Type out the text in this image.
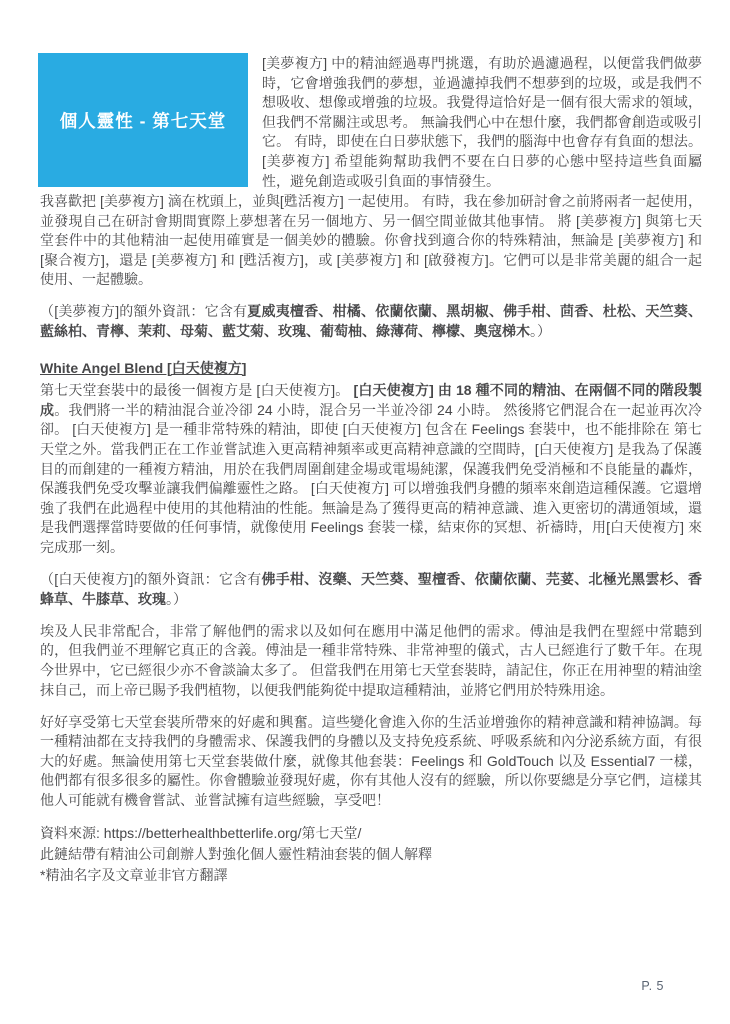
個人靈性 - 第七天堂

[美夢複方] 中的精油經過專門挑選，有助於過濾過程，以便當我們做夢時，它會增強我們的夢想，並過濾掉我們不想夢到的垃圾，或是我們不想吸收、想像或增強的垃圾。我覺得這恰好是一個有很大需求的領域，但我們不常關注或思考。 無論我們心中在想什麼，我們都會創造或吸引它。 有時，即使在白日夢狀態下，我們的腦海中也會存有負面的想法。 [美夢複方] 希望能夠幫助我們不要在白日夢的心態中堅持這些負面屬性，避免創造或吸引負面的事情發生。

我喜歡把 [美夢複方] 滴在枕頭上，並與[甦活複方] 一起使用。 有時，我在參加研討會之前將兩者一起使用，並發現自己在研討會期間實際上夢想著在另一個地方、另一個空間並做其他事情。 將 [美夢複方] 與第七天堂套件中的其他精油一起使用確實是一個美妙的體驗。你會找到適合你的特殊精油，無論是 [美夢複方] 和 [聚合複方]，還是 [美夢複方] 和 [甦活複方]，或 [美夢複方] 和 [啟發複方]。它們可以是非常美麗的組合一起使用、一起體驗。

（[美夢複方]的額外資訊：它含有夏威夷檀香、柑橘、依蘭依蘭、黑胡椒、佛手柑、茴香、杜松、天竺葵、藍絲柏、青檸、茉莉、母菊、藍艾菊、玫瑰、葡萄柚、綠薄荷、檸檬、奧寇梯木。）

White Angel Blend [白天使複方]

第七天堂套裝中的最後一個複方是 [白天使複方]。 [白天使複方] 由 18 種不同的精油、在兩個不同的階段製成。我們將一半的精油混合並冷卻 24 小時，混合另一半並冷卻 24 小時。 然後將它們混合在一起並再次冷卻。 [白天使複方] 是一種非常特殊的精油，即使 [白天使複方] 包含在 Feelings 套裝中，也不能排除在 第七天堂之外。當我們正在工作並嘗試進入更高精神頻率或更高精神意識的空間時，[白天使複方] 是我為了保護目的而創建的一種複方精油，用於在我們周圍創建金場或電場純潔，保護我們免受消極和不良能量的轟炸，保護我們免受攻擊並讓我們偏離靈性之路。 [白天使複方] 可以增強我們身體的頻率來創造這種保護。它還增強了我們在此過程中使用的其他精油的性能。無論是為了獲得更高的精神意識、進入更密切的溝通領域，還是我們選擇當時要做的任何事情，就像使用 Feelings 套裝一樣，結束你的冥想、祈禱時，用[白天使複方] 來完成那一刻。

（[白天使複方]的額外資訊：它含有佛手柑、沒藥、天竺葵、聖檀香、依蘭依蘭、芫荽、北極光黑雲杉、香蜂草、牛膝草、玫瑰。）

埃及人民非常配合，非常了解他們的需求以及如何在應用中滿足他們的需求。傅油是我們在聖經中常聽到的，但我們並不理解它真正的含義。傅油是一種非常特殊、非常神聖的儀式，古人已經進行了數千年。在現今世界中，它已經很少亦不會談論太多了。 但當我們在用第七天堂套裝時，請記住，你正在用神聖的精油塗抹自己，而上帝已賜予我們植物，以便我們能夠從中提取這種精油，並將它們用於特殊用途。

好好享受第七天堂套裝所帶來的好處和興奮。這些變化會進入你的生活並增強你的精神意識和精神協調。每一種精油都在支持我們的身體需求、保護我們的身體以及支持免疫系統、呼吸系統和內分泌系統方面，有很大的好處。無論使用第七天堂套裝做什麼，就像其他套裝：Feelings 和 GoldTouch 以及 Essential7 一樣，他們都有很多很多的屬性。你會體驗並發現好處，你有其他人沒有的經驗，所以你要總是分享它們，這樣其他人可能就有機會嘗試、並嘗試擁有這些經驗，享受吧！

資料來源: https://betterhealthbetterlife.org/第七天堂/
此鏈結帶有精油公司創辦人對強化個人靈性精油套裝的個人解釋
*精油名字及文章並非官方翻譯

P. 5
